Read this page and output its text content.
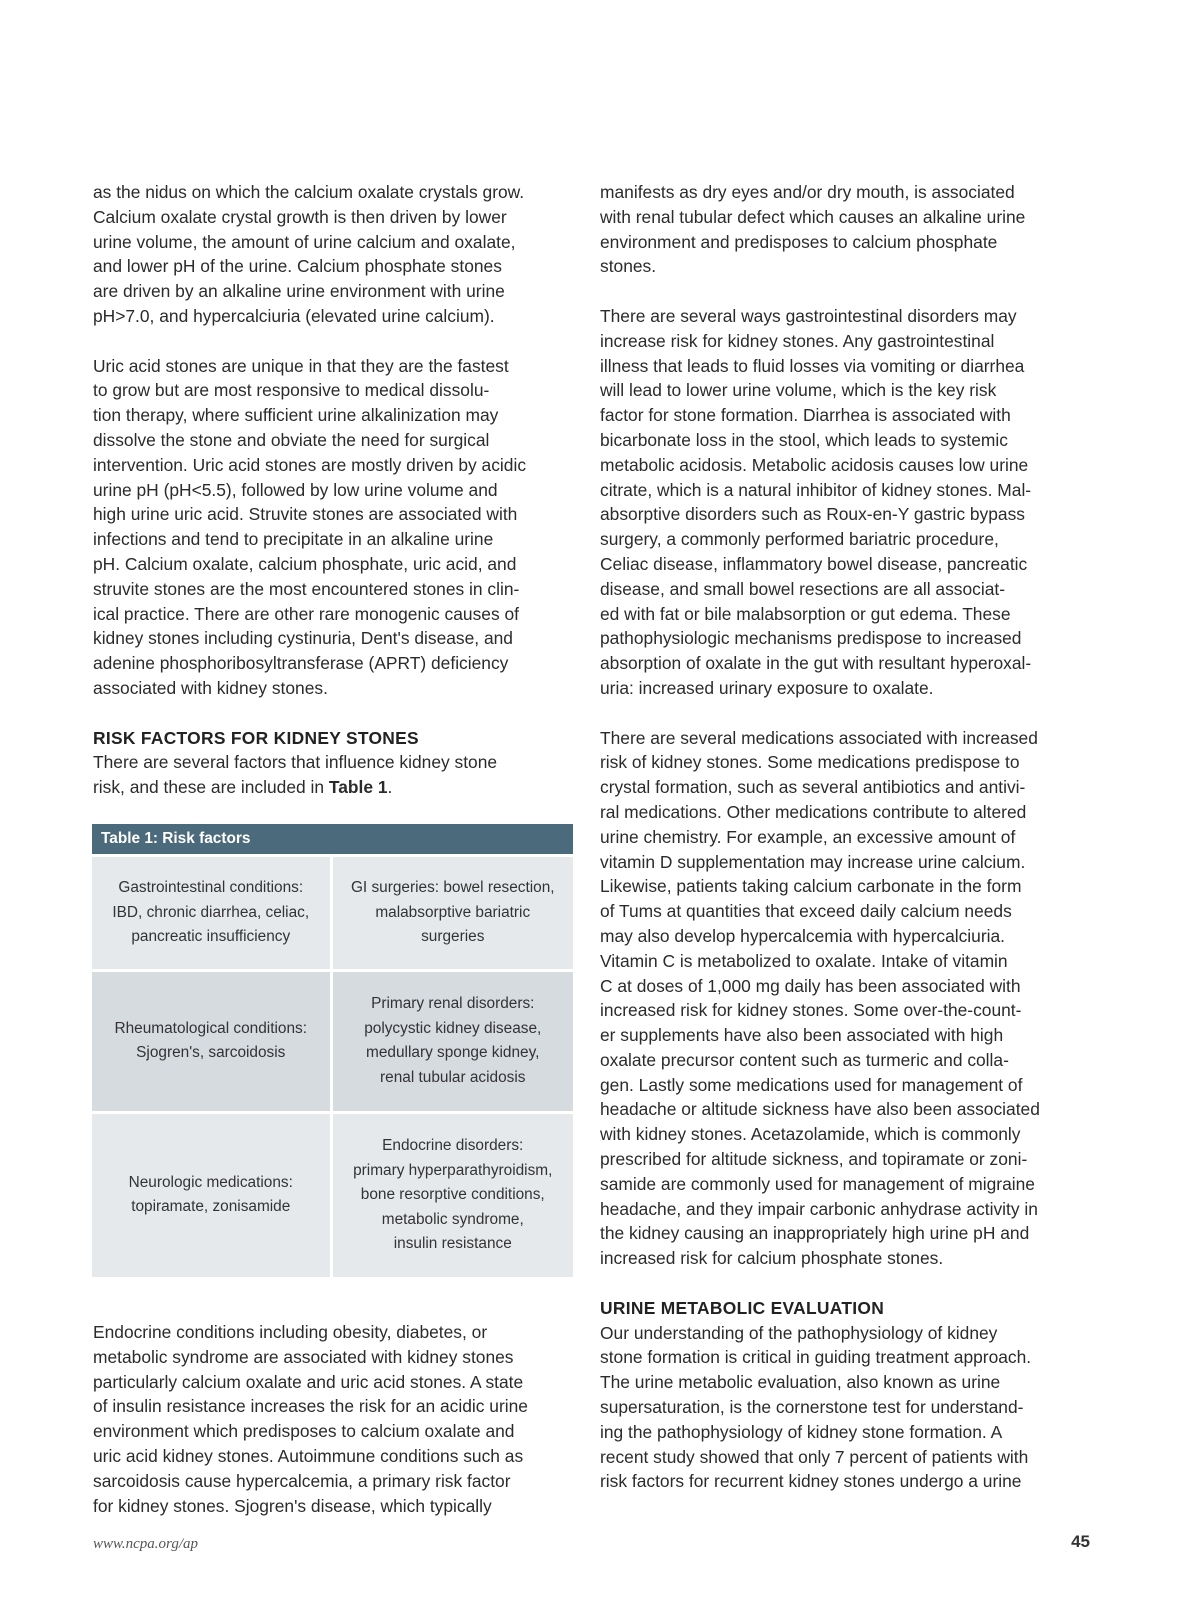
as the nidus on which the calcium oxalate crystals grow.
Calcium oxalate crystal growth is then driven by lower
urine volume, the amount of urine calcium and oxalate,
and lower pH of the urine. Calcium phosphate stones
are driven by an alkaline urine environment with urine
pH>7.0, and hypercalciuria (elevated urine calcium).
Uric acid stones are unique in that they are the fastest
to grow but are most responsive to medical dissolu-
tion therapy, where sufficient urine alkalinization may
dissolve the stone and obviate the need for surgical
intervention. Uric acid stones are mostly driven by acidic
urine pH (pH<5.5), followed by low urine volume and
high urine uric acid. Struvite stones are associated with
infections and tend to precipitate in an alkaline urine
pH. Calcium oxalate, calcium phosphate, uric acid, and
struvite stones are the most encountered stones in clin-
ical practice. There are other rare monogenic causes of
kidney stones including cystinuria, Dent's disease, and
adenine phosphoribosyltransferase (APRT) deficiency
associated with kidney stones.
RISK FACTORS FOR KIDNEY STONES
There are several factors that influence kidney stone
risk, and these are included in Table 1.
Table 1: Risk factors	

Gastrointestinal conditions:
IBD, chronic diarrhea, celiac,
pancreatic insufficiency	GI surgeries: bowel resection,
malabsorptive bariatric
surgeries

Rheumatological conditions:
Sjogren's, sarcoidosis	Primary renal disorders:
polycystic kidney disease,
medullary sponge kidney,
renal tubular acidosis

Neurologic medications:
topiramate, zonisamide	Endocrine disorders:
primary hyperparathyroidism,
bone resorptive conditions,
metabolic syndrome,
insulin resistance
Endocrine conditions including obesity, diabetes, or
metabolic syndrome are associated with kidney stones
particularly calcium oxalate and uric acid stones. A state
of insulin resistance increases the risk for an acidic urine
environment which predisposes to calcium oxalate and
uric acid kidney stones. Autoimmune conditions such as
sarcoidosis cause hypercalcemia, a primary risk factor
for kidney stones. Sjogren's disease, which typically
manifests as dry eyes and/or dry mouth, is associated
with renal tubular defect which causes an alkaline urine
environment and predisposes to calcium phosphate
stones.
There are several ways gastrointestinal disorders may
increase risk for kidney stones. Any gastrointestinal
illness that leads to fluid losses via vomiting or diarrhea
will lead to lower urine volume, which is the key risk
factor for stone formation. Diarrhea is associated with
bicarbonate loss in the stool, which leads to systemic
metabolic acidosis. Metabolic acidosis causes low urine
citrate, which is a natural inhibitor of kidney stones. Mal-
absorptive disorders such as Roux-en-Y gastric bypass
surgery, a commonly performed bariatric procedure,
Celiac disease, inflammatory bowel disease, pancreatic
disease, and small bowel resections are all associat-
ed with fat or bile malabsorption or gut edema. These
pathophysiologic mechanisms predispose to increased
absorption of oxalate in the gut with resultant hyperoxal-
uria: increased urinary exposure to oxalate.
There are several medications associated with increased
risk of kidney stones. Some medications predispose to
crystal formation, such as several antibiotics and antivi-
ral medications. Other medications contribute to altered
urine chemistry. For example, an excessive amount of
vitamin D supplementation may increase urine calcium.
Likewise, patients taking calcium carbonate in the form
of Tums at quantities that exceed daily calcium needs
may also develop hypercalcemia with hypercalciuria.
Vitamin C is metabolized to oxalate. Intake of vitamin
C at doses of 1,000 mg daily has been associated with
increased risk for kidney stones. Some over-the-count-
er supplements have also been associated with high
oxalate precursor content such as turmeric and colla-
gen. Lastly some medications used for management of
headache or altitude sickness have also been associated
with kidney stones. Acetazolamide, which is commonly
prescribed for altitude sickness, and topiramate or zoni-
samide are commonly used for management of migraine
headache, and they impair carbonic anhydrase activity in
the kidney causing an inappropriately high urine pH and
increased risk for calcium phosphate stones.
URINE METABOLIC EVALUATION
Our understanding of the pathophysiology of kidney
stone formation is critical in guiding treatment approach.
The urine metabolic evaluation, also known as urine
supersaturation, is the cornerstone test for understand-
ing the pathophysiology of kidney stone formation. A
recent study showed that only 7 percent of patients with
risk factors for recurrent kidney stones undergo a urine
www.ncpa.org/ap	45
